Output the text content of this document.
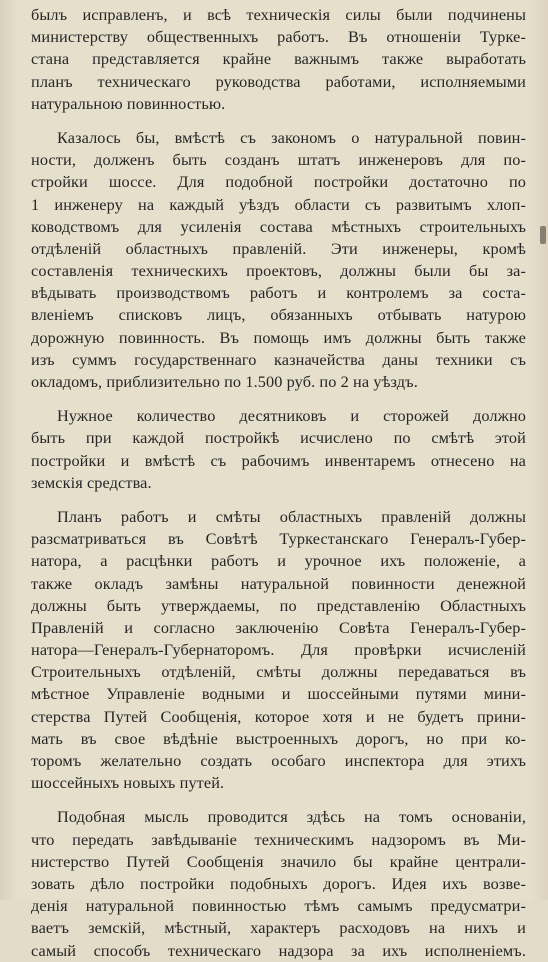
былъ исправленъ, и всѣ техническія силы были подчинены
министерству общественныхъ работъ. Въ отношеніи Турке-
стана представляется крайне важнымъ также выработать
планъ техническаго руководства работами, исполняемыми
натуральною повинностью.
Казалось бы, вмѣстѣ съ закономъ о натуральной повин-
ности, долженъ быть созданъ штатъ инженеровъ для по-
стройки шоссе. Для подобной постройки достаточно по
1 инженеру на каждый уѣздъ области съ развитымъ хлоп-
ководствомъ для усиленія состава мѣстныхъ строительныхъ
отдѣленій областныхъ правленій. Эти инженеры, кромѣ
составленія техническихъ проектовъ, должны были бы за-
вѣдывать производствомъ работъ и контролемъ за соста-
вленіемъ списковъ лицъ, обязанныхъ отбывать натурою
дорожную повинность. Въ помощь имъ должны быть также
изъ суммъ государственнаго казначейства даны техники съ
окладомъ, приблизительно по 1.500 руб. по 2 на уѣздъ.
Нужное количество десятниковъ и сторожей должно
быть при каждой постройкѣ исчислено по смѣтѣ этой
постройки и вмѣстѣ съ рабочимъ инвентаремъ отнесено на
земскія средства.
Планъ работъ и смѣты областныхъ правленій должны
разсматриваться въ Совѣтѣ Туркестанскаго Генералъ-Губер-
натора, а расцѣнки работъ и урочное ихъ положеніе, а
также окладъ замѣны натуральной повинности денежной
должны быть утверждаемы, по представленію Областныхъ
Правленій и согласно заключенію Совѣта Генералъ-Губер-
натора—Генералъ-Губернаторомъ. Для провѣрки исчисленій
Строительныхъ отдѣленій, смѣты должны передаваться въ
мѣстное Управленіе водными и шоссейными путями мини-
стерства Путей Сообщенія, которое хотя и не будетъ прини-
мать въ свое вѣдѣніе выстроенныхъ дорогъ, но при ко-
торомъ желательно создать особаго инспектора для этихъ
шоссейныхъ новыхъ путей.
Подобная мысль проводится здѣсь на томъ основаніи,
что передать завѣдываніе техническимъ надзоромъ въ Ми-
нистерство Путей Сообщенія значило бы крайне централи-
зовать дѣло постройки подобныхъ дорогъ. Идея ихъ возве-
денія натуральной повинностью тѣмъ самымъ предусматри-
ваетъ земскій, мѣстный, характеръ расходовъ на нихъ и
самый способъ техническаго надзора за ихъ исполненіемъ.
